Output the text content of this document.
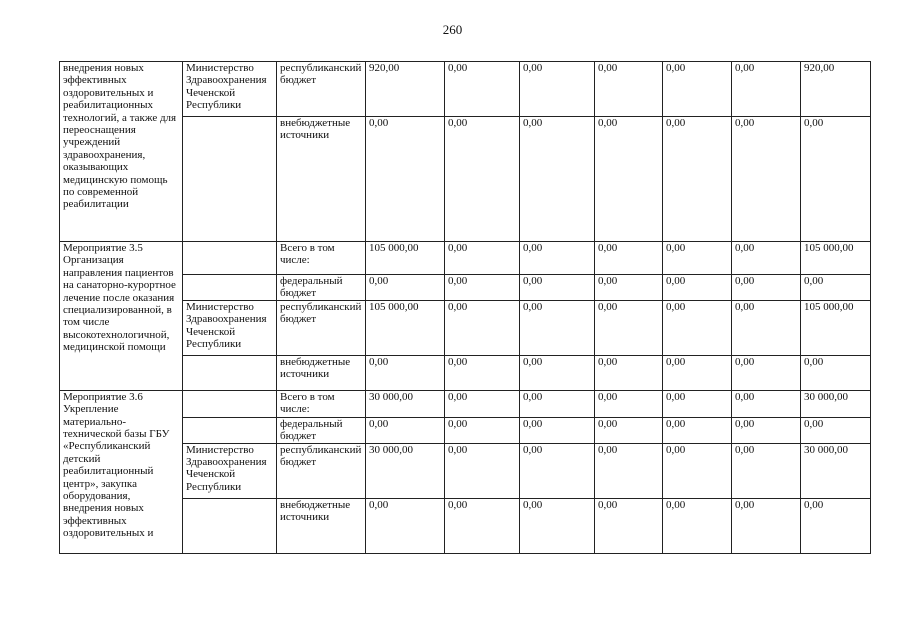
260
внедрения новых эффективных оздоровительных и реабилитационных технологий, а также для переоснащения учреждений здравоохранения, оказывающих медицинскую помощь по современной реабилитации	Министерство Здравоохранения Чеченской Республики	республиканский бюджет	920,00	0,00	0,00	0,00	0,00	0,00	920,00
		внебюджетные источники	0,00	0,00	0,00	0,00	0,00	0,00	0,00
Мероприятие 3.5 Организация направления пациентов на санаторно-курортное лечение после оказания специализированной, в том числе высокотехнологичной, медицинской помощи		Всего в том числе:	105 000,00	0,00	0,00	0,00	0,00	0,00	105 000,00
		федеральный бюджет	0,00	0,00	0,00	0,00	0,00	0,00	0,00
	Министерство Здравоохранения Чеченской Республики	республиканский бюджет	105 000,00	0,00	0,00	0,00	0,00	0,00	105 000,00
		внебюджетные источники	0,00	0,00	0,00	0,00	0,00	0,00	0,00
Мероприятие 3.6 Укрепление материально-технической базы ГБУ «Республиканский детский реабилитационный центр», закупка оборудования, внедрения новых эффективных оздоровительных и		Всего в том числе:	30 000,00	0,00	0,00	0,00	0,00	0,00	30 000,00
		федеральный бюджет	0,00	0,00	0,00	0,00	0,00	0,00	0,00
	Министерство Здравоохранения Чеченской Республики	республиканский бюджет	30 000,00	0,00	0,00	0,00	0,00	0,00	30 000,00
		внебюджетные источники	0,00	0,00	0,00	0,00	0,00	0,00	0,00
